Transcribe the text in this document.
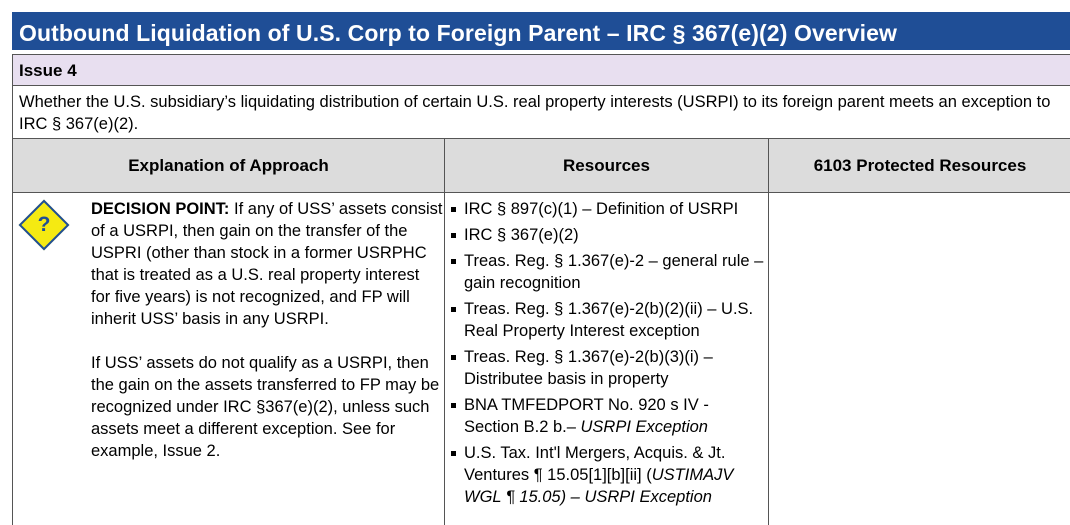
Outbound Liquidation of U.S. Corp to Foreign Parent – IRC § 367(e)(2) Overview
Issue 4
Whether the U.S. subsidiary’s liquidating distribution of certain U.S. real property interests (USRPI) to its foreign parent meets an exception to IRC § 367(e)(2).
Explanation of Approach	Resources	6103 Protected Resources
?

DECISION POINT: If any of USS’ assets consist of a USRPI, then gain on the transfer of the USPRI (other than stock in a former USRPHC that is treated as a U.S. real property interest for five years) is not recognized, and FP will inherit USS’ basis in any USRPI.

If USS’ assets do not qualify as a USRPI, then the gain on the assets transferred to FP may be recognized under IRC §367(e)(2), unless such assets meet a different exception. See for example, Issue 2.

IRC § 897(c)(1) – Definition of USRPI
IRC § 367(e)(2)
Treas. Reg. § 1.367(e)-2 – general rule – gain recognition
Treas. Reg. § 1.367(e)-2(b)(2)(ii) – U.S. Real Property Interest exception
Treas. Reg. § 1.367(e)-2(b)(3)(i) – Distributee basis in property
BNA TMFEDPORT No. 920 s IV - Section B.2 b.– USRPI Exception
U.S. Tax. Int'l Mergers, Acquis. & Jt. Ventures ¶ 15.05[1][b][ii] (USTIMAJV WGL ¶ 15.05) – USRPI Exception
